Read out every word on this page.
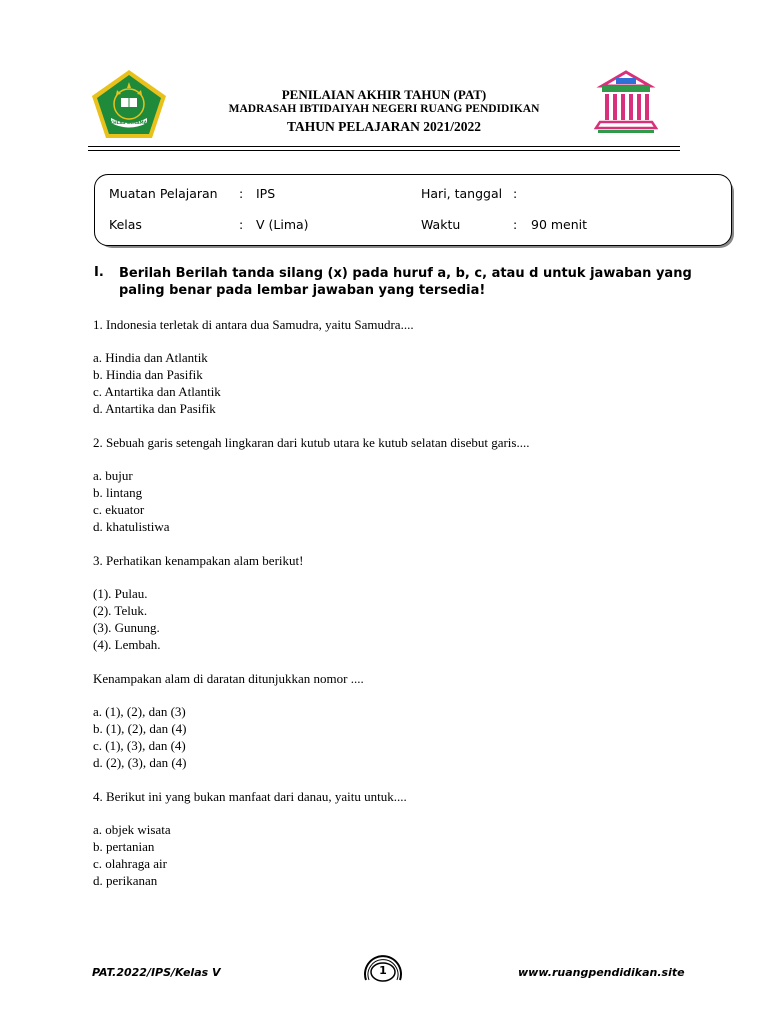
IKHLAS BERAMAL
PENILAIAN AKHIR TAHUN (PAT)
MADRASAH IBTIDAIYAH NEGERI RUANG PENDIDIKAN
TAHUN PELAJARAN 2021/2022
Muatan Pelajaran : IPS	Hari, tanggal :
Kelas	: V (Lima)	Waktu	: 90 menit
I. Berilah Berilah tanda silang (x) pada huruf a, b, c, atau d untuk jawaban yang paling benar pada lembar jawaban yang tersedia!
1. Indonesia terletak di antara dua Samudra, yaitu Samudra....
a. Hindia dan Atlantik
b. Hindia dan Pasifik
c. Antartika dan Atlantik
d. Antartika dan Pasifik
2. Sebuah garis setengah lingkaran dari kutub utara ke kutub selatan disebut garis....
a. bujur
b. lintang
c. ekuator
d. khatulistiwa
3. Perhatikan kenampakan alam berikut!
(1). Pulau.
(2). Teluk.
(3). Gunung.
(4). Lembah.
Kenampakan alam di daratan ditunjukkan nomor ....
a. (1), (2), dan (3)
b. (1), (2), dan (4)
c. (1), (3), dan (4)
d. (2), (3), dan (4)
4. Berikut ini yang bukan manfaat dari danau, yaitu untuk....
a. objek wisata
b. pertanian
c. olahraga air
d. perikanan
PAT.2022/IPS/Kelas V	1	www.ruangpendidikan.site
